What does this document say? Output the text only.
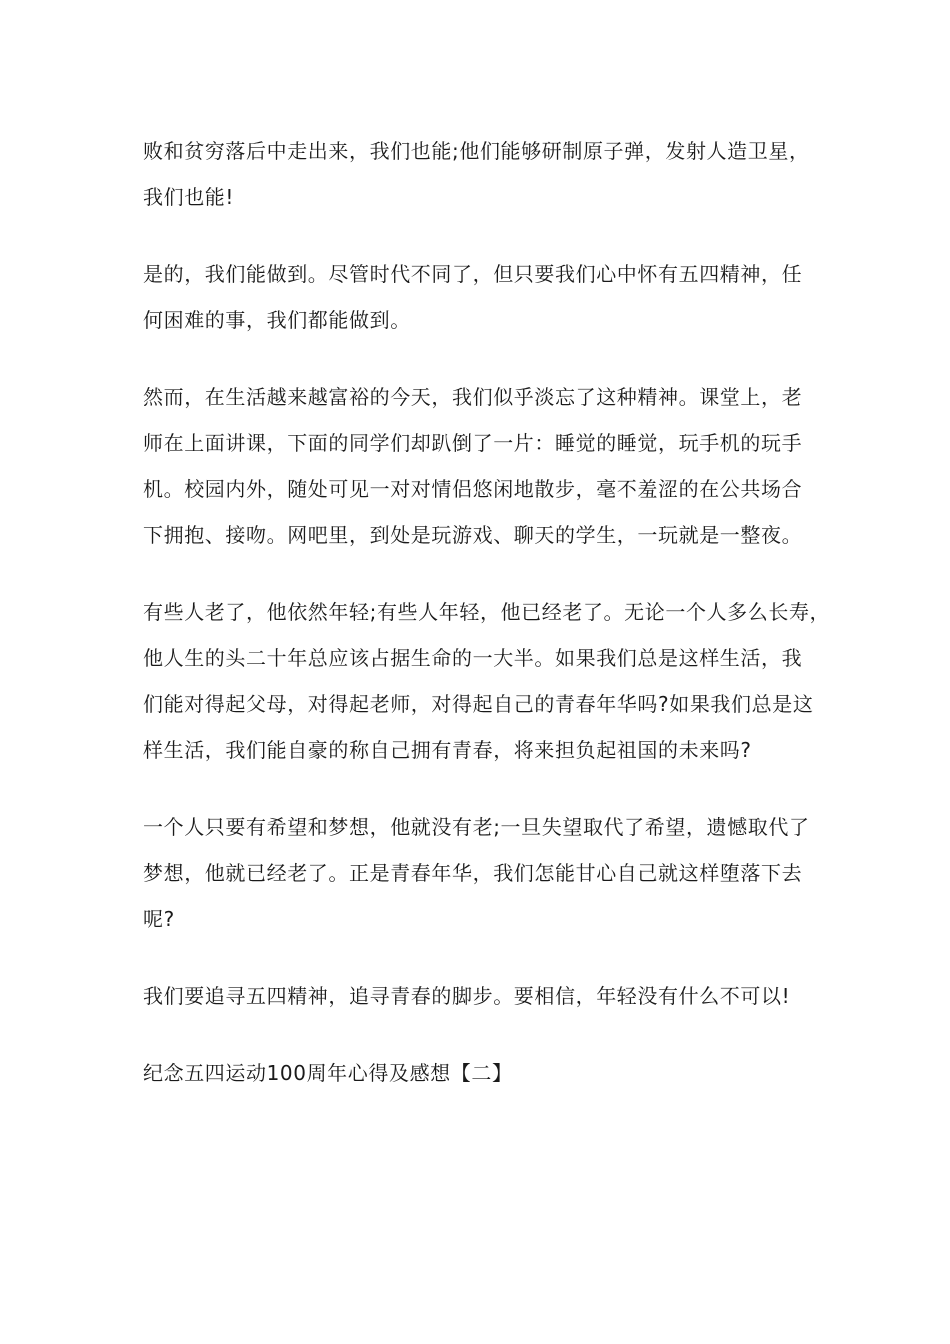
败和贫穷落后中走出来，我们也能;他们能够研制原子弹，发射人造卫星，
我们也能!
是的，我们能做到。尽管时代不同了，但只要我们心中怀有五四精神，任
何困难的事，我们都能做到。
然而，在生活越来越富裕的今天，我们似乎淡忘了这种精神。课堂上，老
师在上面讲课，下面的同学们却趴倒了一片：睡觉的睡觉，玩手机的玩手
机。校园内外，随处可见一对对情侣悠闲地散步，毫不羞涩的在公共场合
下拥抱、接吻。网吧里，到处是玩游戏、聊天的学生，一玩就是一整夜。
有些人老了，他依然年轻;有些人年轻，他已经老了。无论一个人多么长寿，
他人生的头二十年总应该占据生命的一大半。如果我们总是这样生活，我
们能对得起父母，对得起老师，对得起自己的青春年华吗?如果我们总是这
样生活，我们能自豪的称自己拥有青春，将来担负起祖国的未来吗?
一个人只要有希望和梦想，他就没有老;一旦失望取代了希望，遗憾取代了
梦想，他就已经老了。正是青春年华，我们怎能甘心自己就这样堕落下去
呢?
我们要追寻五四精神，追寻青春的脚步。要相信，年轻没有什么不可以!
纪念五四运动100周年心得及感想【二】
